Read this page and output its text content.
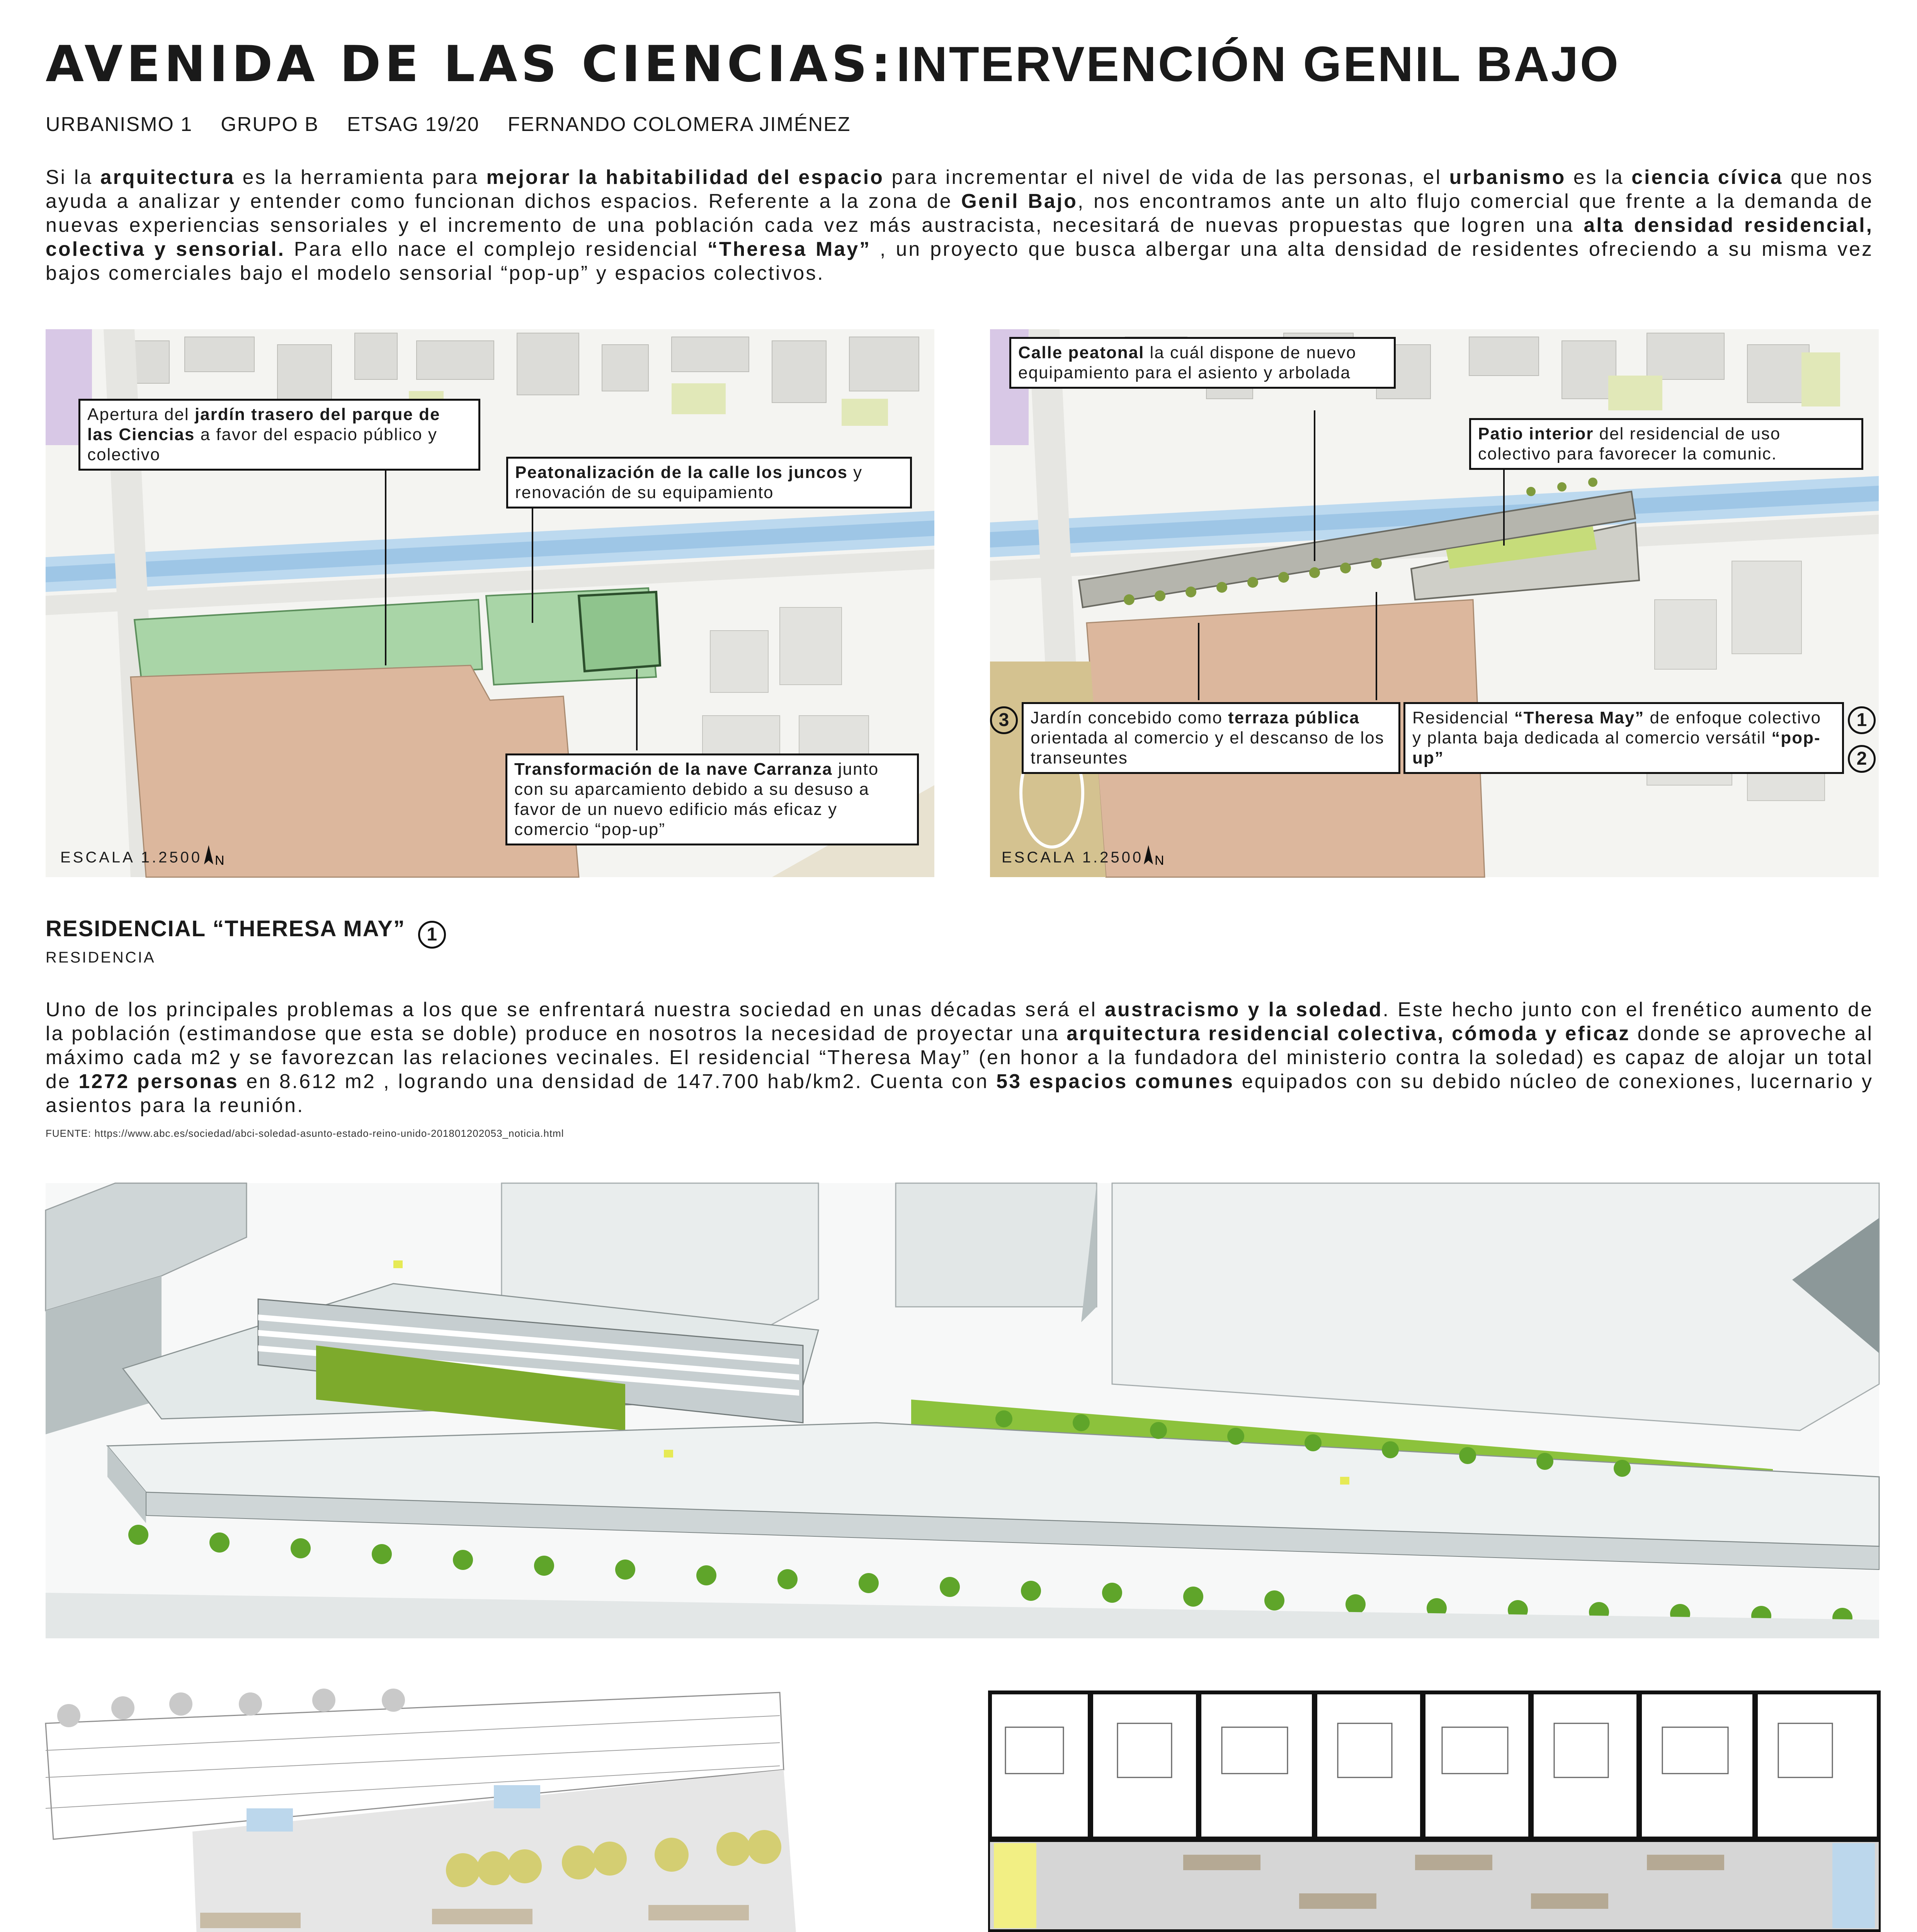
AVENIDA DE LAS CIENCIAS: INTERVENCIÓN GENIL BAJO
URBANISMO 1 GRUPO B ETSAG 19/20 FERNANDO COLOMERA JIMÉNEZ
Si la arquitectura es la herramienta para mejorar la habitabilidad del espacio para incrementar el nivel de vida de las personas, el urbanismo es la ciencia cívica que nos ayuda a analizar y entender como funcionan dichos espacios. Referente a la zona de Genil Bajo, nos encontramos ante un alto flujo comercial que frente a la demanda de nuevas experiencias sensoriales y el incremento de una población cada vez más austracista, necesitará de nuevas propuestas que logren una alta densidad residencial, colectiva y sensorial. Para ello nace el complejo residencial “Theresa May” , un proyecto que busca albergar una alta densidad de residentes ofreciendo a su misma vez bajos comerciales bajo el modelo sensorial “pop-up” y espacios colectivos.
Apertura del jardín trasero del parque de las Ciencias a favor del espacio público y colectivo
Peatonalización de la calle los juncos y renovación de su equipamiento
Transformación de la nave Carranza junto con su aparcamiento debido a su desuso a favor de un nuevo edificio más eficaz y comercio “pop-up”
ESCALA 1.2500 N
Calle peatonal la cuál dispone de nuevo equipamiento para el asiento y arbolada
Patio interior del residencial de uso colectivo para favorecer la comunic.
Jardín concebido como terraza pública orientada al comercio y el descanso de los transeuntes
Residencial “Theresa May” de enfoque colectivo y planta baja dedicada al comercio versátil “pop-up”
3	1
2
ESCALA 1.2500 N
RESIDENCIAL “THERESA MAY” 1
RESIDENCIA
Uno de los principales problemas a los que se enfrentará nuestra sociedad en unas décadas será el austracismo y la soledad. Este hecho junto con el frenético aumento de la población (estimandose que esta se doble) produce en nosotros la necesidad de proyectar una arquitectura residencial colectiva, cómoda y eficaz donde se aproveche al máximo cada m2 y se favorezcan las relaciones vecinales. El residencial “Theresa May” (en honor a la fundadora del ministerio contra la soledad) es capaz de alojar un total de 1272 personas en 8.612 m2 , logrando una densidad de 147.700 hab/km2. Cuenta con 53 espacios comunes equipados con su debido núcleo de conexiones, lucernario y asientos para la reunión.
FUENTE: https://www.abc.es/sociedad/abci-soledad-asunto-estado-reino-unido-201801202053_noticia.html
